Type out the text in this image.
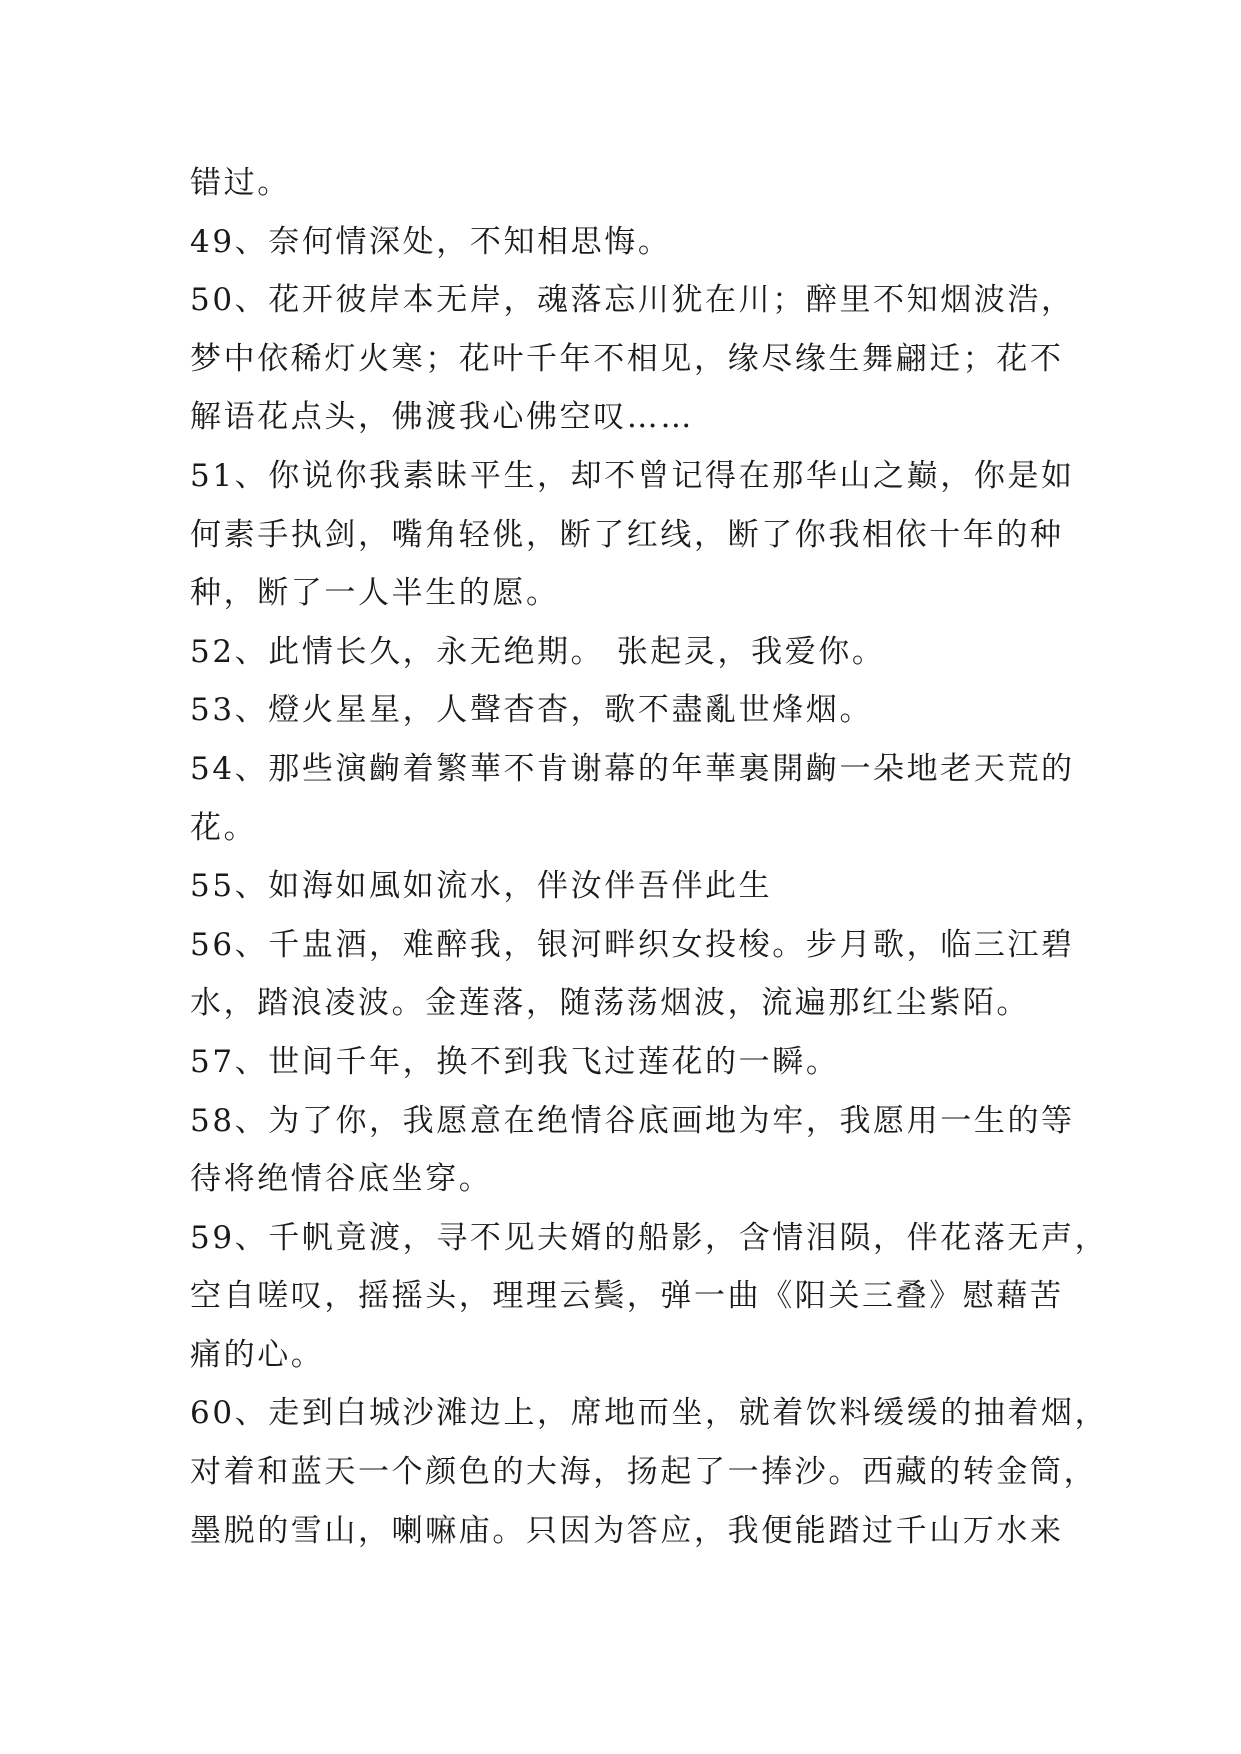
错过。

49、奈何情深处，不知相思悔。

50、花开彼岸本无岸，魂落忘川犹在川；醉里不知烟波浩，

梦中依稀灯火寒；花叶千年不相见，缘尽缘生舞翩迁；花不

解语花点头，佛渡我心佛空叹……

51、你说你我素昧平生，却不曾记得在那华山之巅，你是如

何素手执剑，嘴角轻佻，断了红线，断了你我相依十年的种

种，断了一人半生的愿。

52、此情长久，永无绝期。 张起灵，我爱你。

53、燈火星星，人聲杳杳，歌不盡亂世烽烟。

54、那些演齣着繁華不肯谢幕的年華裏開齣一朵地老天荒的

花。

55、如海如風如流水，伴汝伴吾伴此生

56、千盅酒，难醉我，银河畔织女投梭。步月歌，临三江碧

水，踏浪凌波。金莲落，随荡荡烟波，流遍那红尘紫陌。

57、世间千年，换不到我飞过莲花的一瞬。

58、为了你，我愿意在绝情谷底画地为牢，我愿用一生的等

待将绝情谷底坐穿。

59、千帆竟渡，寻不见夫婿的船影，含情泪陨，伴花落无声，

空自嗟叹，摇摇头，理理云鬓，弹一曲《阳关三叠》慰藉苦

痛的心。

60、走到白城沙滩边上，席地而坐，就着饮料缓缓的抽着烟，

对着和蓝天一个颜色的大海，扬起了一捧沙。西藏的转金筒，

墨脱的雪山，喇嘛庙。只因为答应，我便能踏过千山万水来
